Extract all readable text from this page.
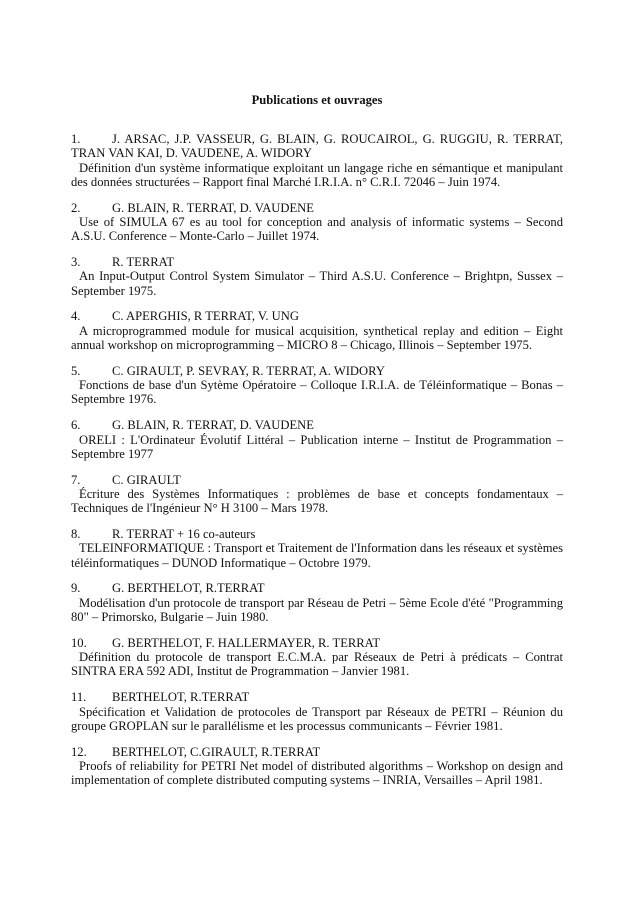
Publications et ouvrages
1.	J. ARSAC, J.P. VASSEUR, G. BLAIN, G. ROUCAIROL, G. RUGGIU, R. TERRAT,
TRAN VAN KAI, D. VAUDENE, A. WIDORY
Définition d'un système informatique exploitant un langage riche en sémantique et manipulant des données structurées – Rapport final Marché I.R.I.A. n° C.R.I. 72046 – Juin 1974.
2.	G. BLAIN, R. TERRAT, D. VAUDENE
Use of SIMULA 67 es au tool for conception and analysis of informatic systems – Second A.S.U. Conference – Monte-Carlo – Juillet 1974.
3.	R. TERRAT
An Input-Output Control System Simulator – Third A.S.U. Conference – Brightpn, Sussex – September 1975.
4.	C. APERGHIS, R TERRAT, V. UNG
A microprogrammed module for musical acquisition, synthetical replay and edition – Eight annual workshop on microprogramming – MICRO 8 – Chicago, Illinois – September 1975.
5.	C. GIRAULT, P. SEVRAY, R. TERRAT, A. WIDORY
Fonctions de base d'un Sytème Opératoire – Colloque I.R.I.A. de Téléinformatique – Bonas – Septembre 1976.
6.	G. BLAIN, R. TERRAT, D. VAUDENE
ORELI : L'Ordinateur Évolutif Littéral – Publication interne – Institut de Programmation – Septembre 1977
7.	C. GIRAULT
Écriture des Systèmes Informatiques : problèmes de base et concepts fondamentaux – Techniques de l'Ingénieur N° H 3100 – Mars 1978.
8.	R. TERRAT + 16 co-auteurs
TELEINFORMATIQUE : Transport et Traitement de l'Information dans les réseaux et systèmes téléinformatiques – DUNOD Informatique – Octobre 1979.
9.	G. BERTHELOT, R.TERRAT
Modélisation d'un protocole de transport par Réseau de Petri – 5ème Ecole d'été "Programming 80" – Primorsko, Bulgarie – Juin 1980.
10.	G. BERTHELOT, F. HALLERMAYER, R. TERRAT
Définition du protocole de transport E.C.M.A. par Réseaux de Petri à prédicats – Contrat SINTRA ERA 592 ADI, Institut de Programmation – Janvier 1981.
11.	BERTHELOT, R.TERRAT
Spécification et Validation de protocoles de Transport par Réseaux de PETRI – Réunion du groupe GROPLAN sur le parallélisme et les processus communicants – Février 1981.
12.	BERTHELOT, C.GIRAULT, R.TERRAT
Proofs of reliability for PETRI Net model of distributed algorithms – Workshop on design and implementation of complete distributed computing systems – INRIA, Versailles – April 1981.
